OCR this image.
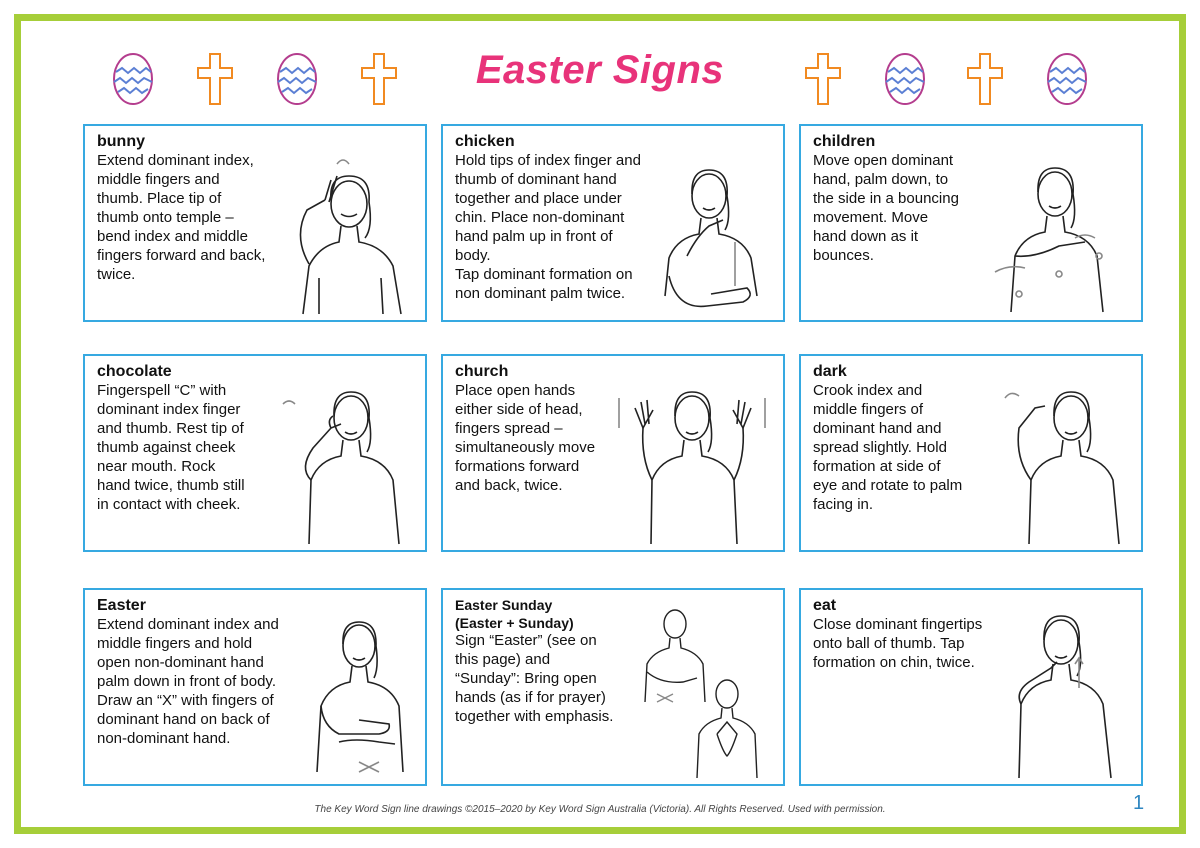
Easter Signs
bunny
Extend dominant index, middle fingers and thumb. Place tip of thumb onto temple – bend index and middle fingers forward and back, twice.
chicken
Hold tips of index finger and thumb of dominant hand together and place under chin. Place non-dominant hand palm up in front of body.
Tap dominant formation on non dominant palm twice.
children
Move open dominant hand, palm down, to the side in a bouncing movement. Move hand down as it bounces.
chocolate
Fingerspell “C” with dominant index finger and thumb. Rest tip of thumb against cheek near mouth. Rock hand twice, thumb still in contact with cheek.
church
Place open hands either side of head, fingers spread – simultaneously move formations forward and back, twice.
dark
Crook index and middle fingers of dominant hand and spread slightly. Hold formation at side of eye and rotate to palm facing in.
Easter
Extend dominant index and middle fingers and hold open non-dominant hand palm down in front of body. Draw an “X” with fingers of dominant hand on back of non-dominant hand.
Easter Sunday
(Easter + Sunday)
Sign “Easter” (see on this page) and “Sunday”: Bring open hands (as if for prayer) together with emphasis.
eat
Close dominant fingertips onto ball of thumb. Tap formation on chin, twice.
The Key Word Sign line drawings ©2015–2020 by Key Word Sign Australia (Victoria). All Rights Reserved. Used with permission.	1
